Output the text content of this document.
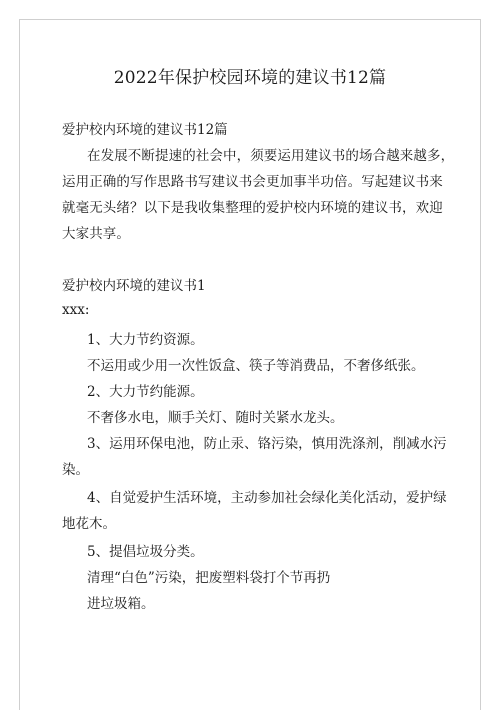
2022年保护校园环境的建议书12篇
爱护校内环境的建议书12篇
在发展不断提速的社会中，须要运用建议书的场合越来越多，
运用正确的写作思路书写建议书会更加事半功倍。写起建议书来
就毫无头绪？以下是我收集整理的爱护校内环境的建议书，欢迎
大家共享。
爱护校内环境的建议书1
xxx:
1、大力节约资源。
不运用或少用一次性饭盒、筷子等消费品，不奢侈纸张。
2、大力节约能源。
不奢侈水电，顺手关灯、随时关紧水龙头。
3、运用环保电池，防止汞、铬污染，慎用洗涤剂，削减水污
染。
4、自觉爱护生活环境，主动参加社会绿化美化活动，爱护绿
地花木。
5、提倡垃圾分类。
清理“白色”污染，把废塑料袋打个节再扔
进垃圾箱。
